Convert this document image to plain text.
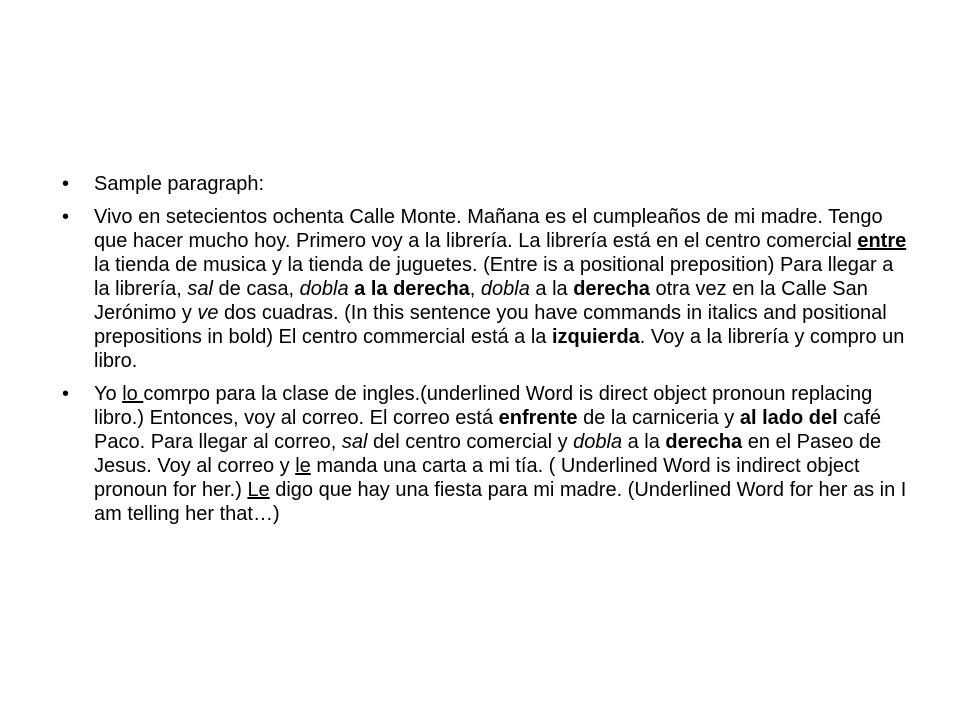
• Sample paragraph:
• Vivo en setecientos ochenta Calle Monte. Mañana es el cumpleaños de mi madre. Tengo que hacer mucho hoy. Primero voy a la librería. La librería está en el centro comercial entre la tienda de musica y la tienda de juguetes. (Entre is a positional preposition) Para llegar a la librería, sal de casa, dobla a la derecha, dobla a la derecha otra vez en la Calle San Jerónimo y ve dos cuadras. (In this sentence you have commands in italics and positional prepositions in bold) El centro commercial está a la izquierda. Voy a la librería y compro un libro.
• Yo lo comrpo para la clase de ingles.(underlined Word is direct object pronoun replacing libro.) Entonces, voy al correo. El correo está enfrente de la carniceria y al lado del café Paco. Para llegar al correo, sal del centro comercial y dobla a la derecha en el Paseo de Jesus. Voy al correo y le manda una carta a mi tía. ( Underlined Word is indirect object pronoun for her.) Le digo que hay una fiesta para mi madre. (Underlined Word for her as in I am telling her that…)
